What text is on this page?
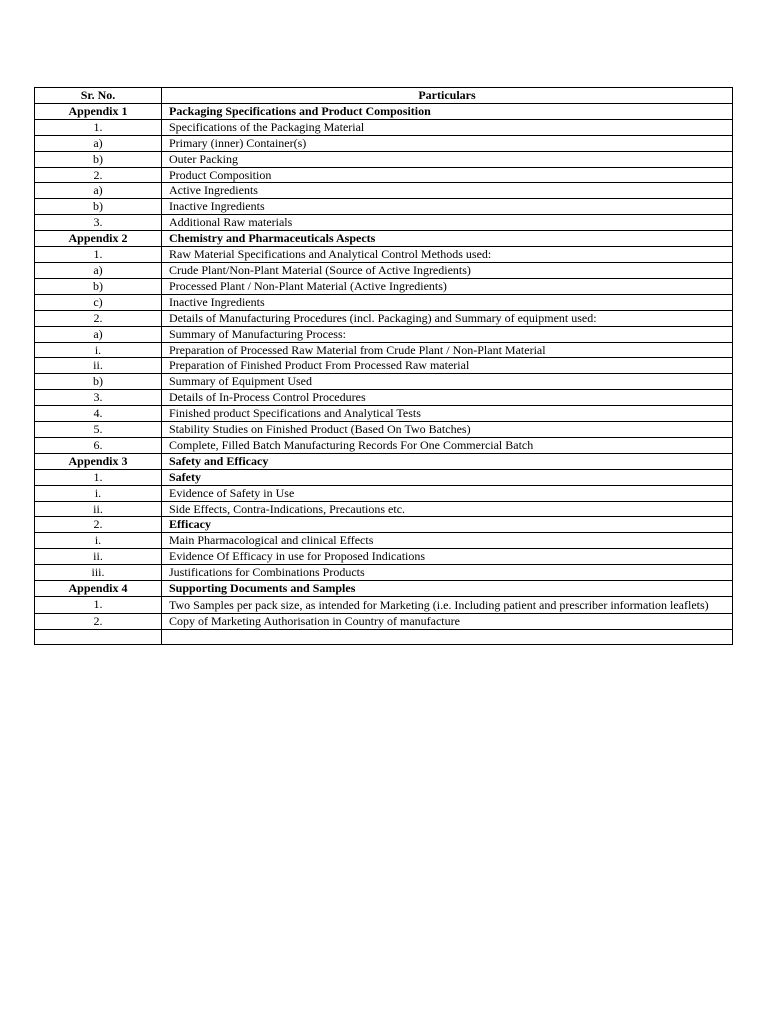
Sr. No.	Particulars
Appendix 1	Packaging Specifications and Product Composition
1.	Specifications of the Packaging Material
a)	Primary (inner) Container(s)
b)	Outer Packing
2.	Product Composition
a)	Active Ingredients
b)	Inactive Ingredients
3.	Additional Raw materials
Appendix 2	Chemistry and Pharmaceuticals Aspects
1.	Raw Material Specifications and Analytical Control Methods used:
a)	Crude Plant/Non-Plant Material (Source of Active Ingredients)
b)	Processed Plant / Non-Plant Material (Active Ingredients)
c)	Inactive Ingredients
2.	Details of Manufacturing Procedures (incl. Packaging) and Summary of equipment used:
a)	Summary of Manufacturing Process:
i.	Preparation of Processed Raw Material from Crude Plant / Non-Plant Material
ii.	Preparation of Finished Product From Processed Raw material
b)	Summary of Equipment Used
3.	Details of In-Process Control Procedures
4.	Finished product Specifications and Analytical Tests
5.	Stability Studies on Finished Product (Based On Two Batches)
6.	Complete, Filled Batch Manufacturing Records For One Commercial Batch
Appendix 3	Safety and Efficacy
1.	Safety
i.	Evidence of Safety in Use
ii.	Side Effects, Contra-Indications, Precautions etc.
2.	Efficacy
i.	Main Pharmacological and clinical Effects
ii.	Evidence Of Efficacy in use for Proposed Indications
iii.	Justifications for Combinations Products
Appendix 4	Supporting Documents and Samples
1.	Two Samples per pack size, as intended for Marketing (i.e. Including patient and prescriber information leaflets)
2.	Copy of Marketing Authorisation in Country of manufacture
